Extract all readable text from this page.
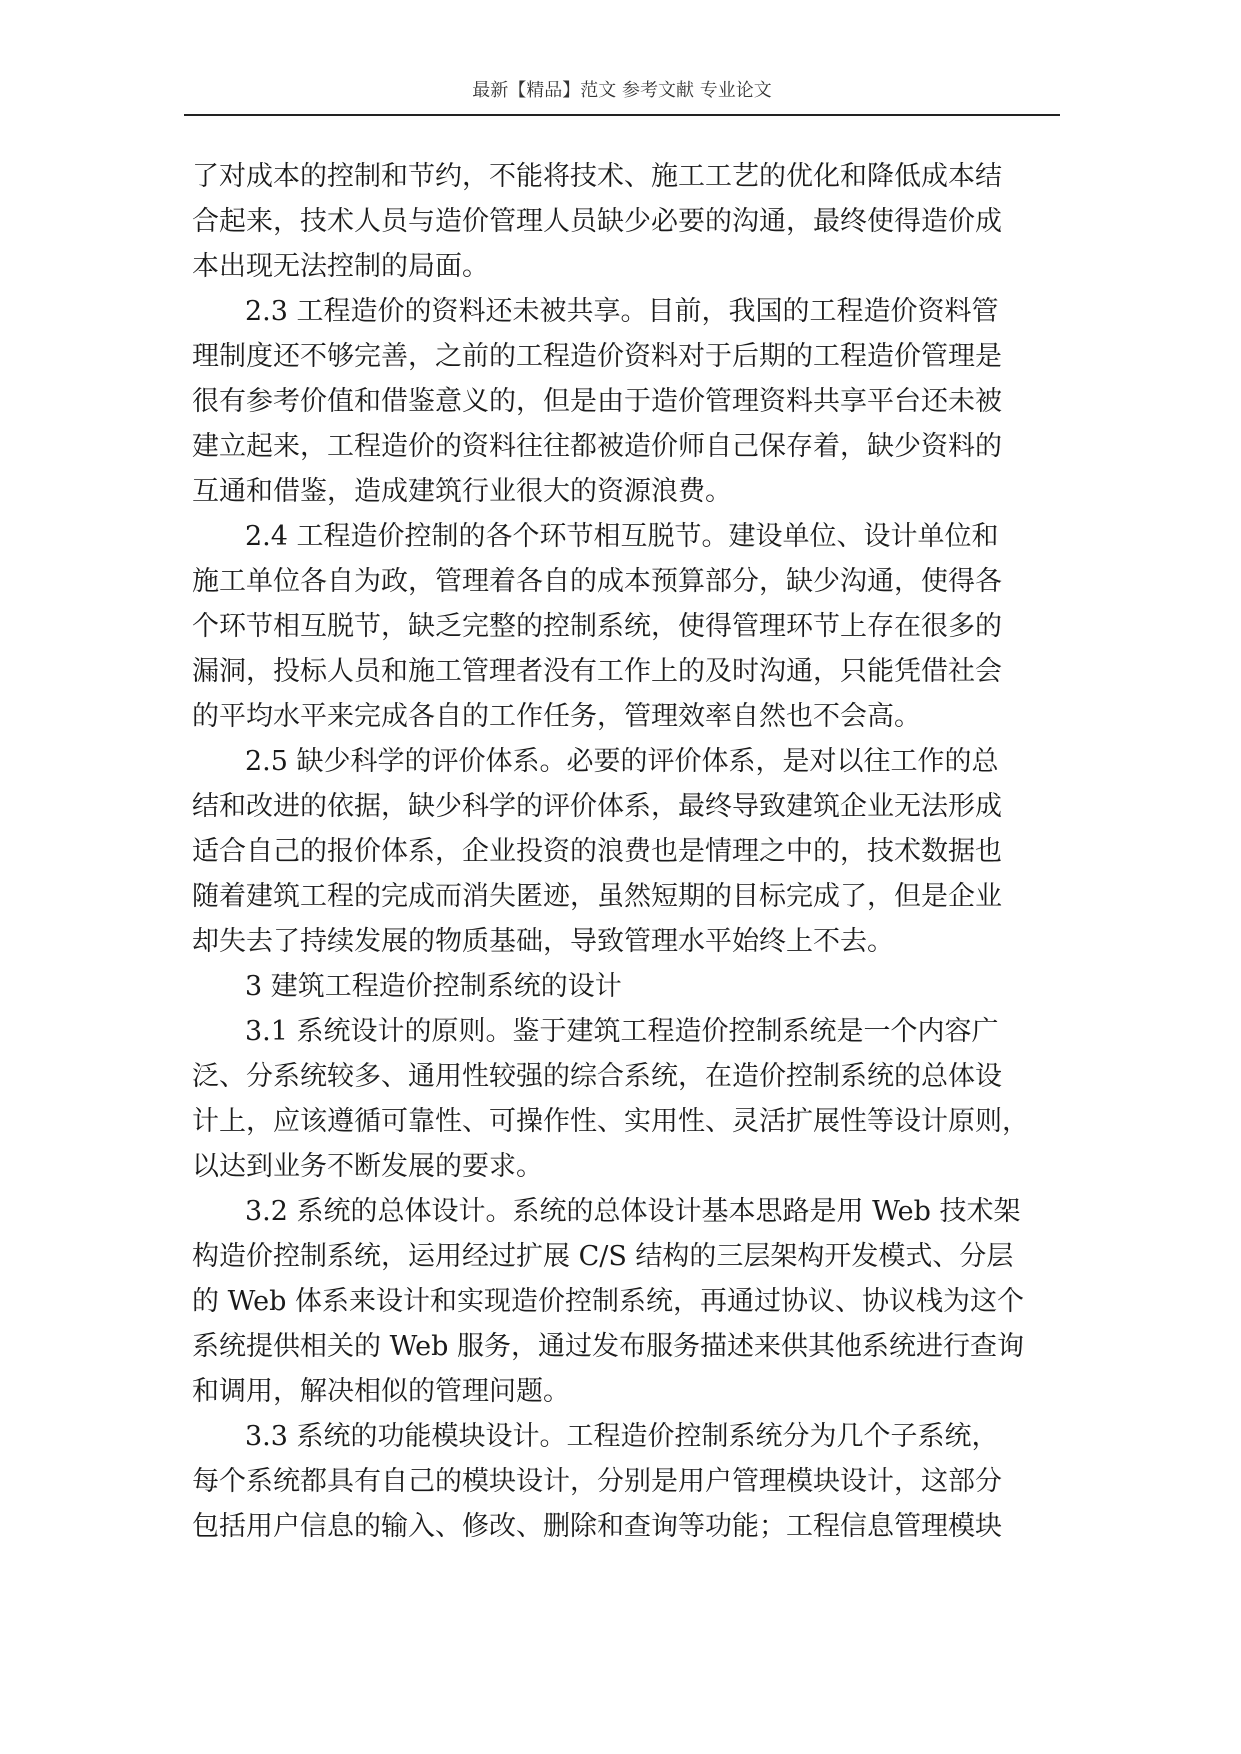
最新【精品】范文 参考文献 专业论文
了对成本的控制和节约，不能将技术、施工工艺的优化和降低成本结
合起来，技术人员与造价管理人员缺少必要的沟通，最终使得造价成
本出现无法控制的局面。
2.3 工程造价的资料还未被共享。目前，我国的工程造价资料管
理制度还不够完善，之前的工程造价资料对于后期的工程造价管理是
很有参考价值和借鉴意义的，但是由于造价管理资料共享平台还未被
建立起来，工程造价的资料往往都被造价师自己保存着，缺少资料的
互通和借鉴，造成建筑行业很大的资源浪费。
2.4 工程造价控制的各个环节相互脱节。建设单位、设计单位和
施工单位各自为政，管理着各自的成本预算部分，缺少沟通，使得各
个环节相互脱节，缺乏完整的控制系统，使得管理环节上存在很多的
漏洞，投标人员和施工管理者没有工作上的及时沟通，只能凭借社会
的平均水平来完成各自的工作任务，管理效率自然也不会高。
2.5 缺少科学的评价体系。必要的评价体系，是对以往工作的总
结和改进的依据，缺少科学的评价体系，最终导致建筑企业无法形成
适合自己的报价体系，企业投资的浪费也是情理之中的，技术数据也
随着建筑工程的完成而消失匿迹，虽然短期的目标完成了，但是企业
却失去了持续发展的物质基础，导致管理水平始终上不去。
3 建筑工程造价控制系统的设计
3.1 系统设计的原则。鉴于建筑工程造价控制系统是一个内容广
泛、分系统较多、通用性较强的综合系统，在造价控制系统的总体设
计上，应该遵循可靠性、可操作性、实用性、灵活扩展性等设计原则，
以达到业务不断发展的要求。
3.2 系统的总体设计。系统的总体设计基本思路是用 Web 技术架
构造价控制系统，运用经过扩展 C/S 结构的三层架构开发模式、分层
的 Web 体系来设计和实现造价控制系统，再通过协议、协议栈为这个
系统提供相关的 Web 服务，通过发布服务描述来供其他系统进行查询
和调用，解决相似的管理问题。
3.3 系统的功能模块设计。工程造价控制系统分为几个子系统，
每个系统都具有自己的模块设计，分别是用户管理模块设计，这部分
包括用户信息的输入、修改、删除和查询等功能；工程信息管理模块
